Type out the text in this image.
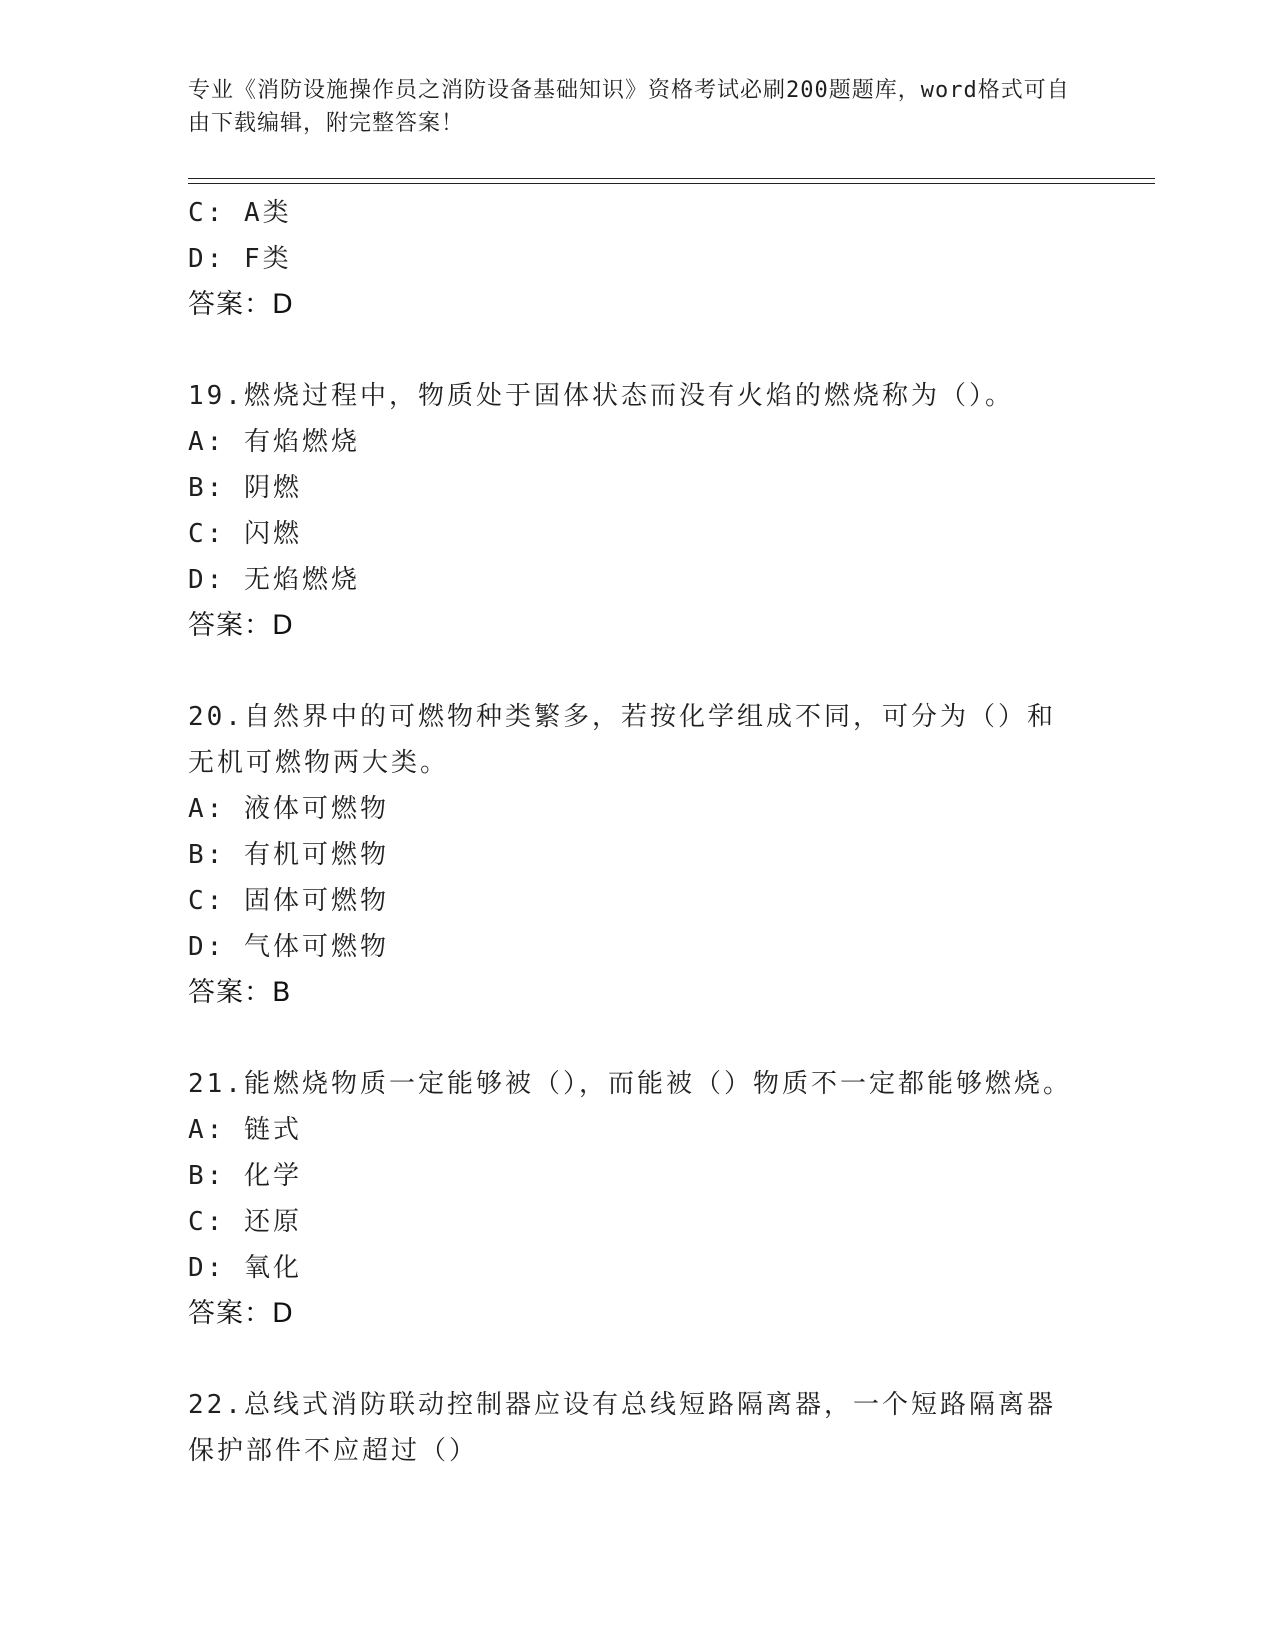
专业《消防设施操作员之消防设备基础知识》资格考试必刷200题题库，word格式可自由下载编辑，附完整答案！
C: A类
D: F类
答案：D
19.燃烧过程中，物质处于固体状态而没有火焰的燃烧称为（）。
A: 有焰燃烧
B: 阴燃
C: 闪燃
D: 无焰燃烧
答案：D
20.自然界中的可燃物种类繁多，若按化学组成不同，可分为（）和无机可燃物两大类。
A: 液体可燃物
B: 有机可燃物
C: 固体可燃物
D: 气体可燃物
答案：B
21.能燃烧物质一定能够被（），而能被（）物质不一定都能够燃烧。
A: 链式
B: 化学
C: 还原
D: 氧化
答案：D
22.总线式消防联动控制器应设有总线短路隔离器，一个短路隔离器保护部件不应超过（）
